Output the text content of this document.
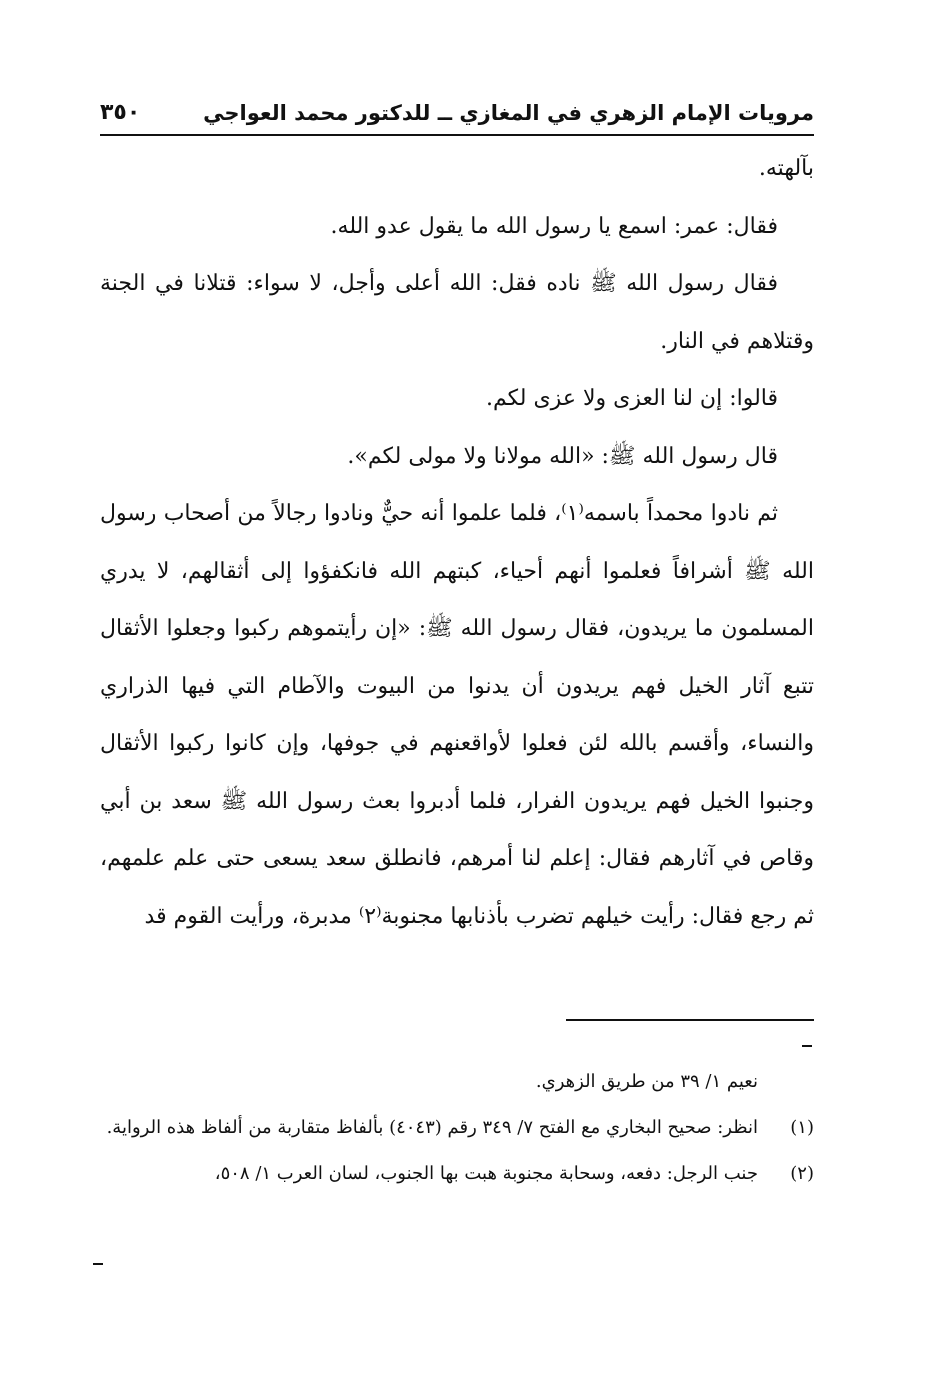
مرويات الإمام الزهري في المغازي ــ للدكتور محمد العواجي
٣٥٠

بآلهته.

فقال: عمر: اسمع يا رسول الله ما يقول عدو الله.

فقال رسول الله ﷺ ناده فقل: الله أعلى وأجل، لا سواء: قتلانا في الجنة وقتلاهم في النار.

قالوا: إن لنا العزى ولا عزى لكم.

قال رسول الله ﷺ: «الله مولانا ولا مولى لكم».

ثم نادوا محمداً باسمه⁽١⁾، فلما علموا أنه حيٌّ ونادوا رجالاً من أصحاب رسول الله ﷺ أشرافاً فعلموا أنهم أحياء، كبتهم الله فانكفؤوا إلى أثقالهم، لا يدري المسلمون ما يريدون، فقال رسول الله ﷺ: «إن رأيتموهم ركبوا وجعلوا الأثقال تتبع آثار الخيل فهم يريدون أن يدنوا من البيوت والآطام التي فيها الذراري والنساء، وأقسم بالله لئن فعلوا لأواقعنهم في جوفها، وإن كانوا ركبوا الأثقال وجنبوا الخيل فهم يريدون الفرار، فلما أدبروا بعث رسول الله ﷺ سعد بن أبي وقاص في آثارهم فقال: إعلم لنا أمرهم، فانطلق سعد يسعى حتى علم علمهم، ثم رجع فقال: رأيت خيلهم تضرب بأذنابها مجنوبة⁽٢⁾ مدبرة، ورأيت القوم قد

نعيم ١/ ٣٩ من طريق الزهري.

(١)
انظر: صحيح البخاري مع الفتح ٧/ ٣٤٩ رقم (٤٠٤٣) بألفاظ متقاربة من ألفاظ هذه الرواية.
(٢)
جنب الرجل: دفعه، وسحابة مجنوبة هبت بها الجنوب، لسان العرب ١/ ٥٠٨،
